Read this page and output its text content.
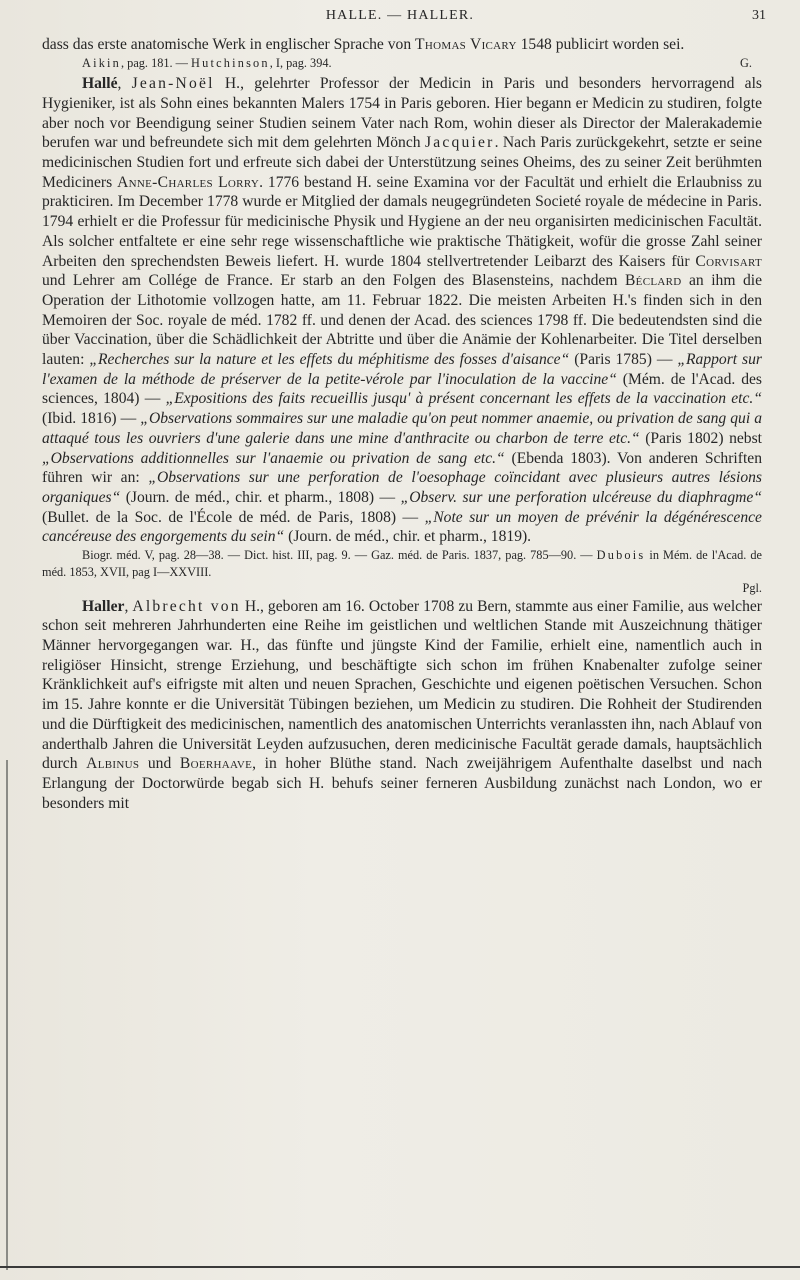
HALLE. — HALLER.	31

dass das erste anatomische Werk in englischer Sprache von Thomas Vicary 1548 publicirt worden sei.

Aikin, pag. 181. — Hutchinson, I, pag. 394.	G.

Hallé, Jean-Noël H., gelehrter Professor der Medicin in Paris und besonders hervorragend als Hygieniker, ist als Sohn eines bekannten Malers 1754 in Paris geboren. Hier begann er Medicin zu studiren, folgte aber noch vor Beendigung seiner Studien seinem Vater nach Rom, wohin dieser als Director der Malerakademie berufen war und befreundete sich mit dem gelehrten Mönch Jacquier. Nach Paris zurückgekehrt, setzte er seine medicinischen Studien fort und erfreute sich dabei der Unterstützung seines Oheims, des zu seiner Zeit berühmten Mediciners Anne-Charles Lorry. 1776 bestand H. seine Examina vor der Facultät und erhielt die Erlaubniss zu prakticiren. Im December 1778 wurde er Mitglied der damals neugegründeten Societé royale de médecine in Paris. 1794 erhielt er die Professur für medicinische Physik und Hygiene an der neu organisirten medicinischen Facultät. Als solcher entfaltete er eine sehr rege wissenschaftliche wie praktische Thätigkeit, wofür die grosse Zahl seiner Arbeiten den sprechendsten Beweis liefert. H. wurde 1804 stellvertretender Leibarzt des Kaisers für Corvisart und Lehrer am Collége de France. Er starb an den Folgen des Blasensteins, nachdem Béclard an ihm die Operation der Lithotomie vollzogen hatte, am 11. Februar 1822. Die meisten Arbeiten H.'s finden sich in den Memoiren der Soc. royale de méd. 1782 ff. und denen der Acad. des sciences 1798 ff. Die bedeutendsten sind die über Vaccination, über die Schädlichkeit der Abtritte und über die Anämie der Kohlenarbeiter. Die Titel derselben lauten: „Recherches sur la nature et les effets du méphitisme des fosses d'aisance“ (Paris 1785) — „Rapport sur l'examen de la méthode de préserver de la petite-vérole par l'inoculation de la vaccine“ (Mém. de l'Acad. des sciences, 1804) — „Expositions des faits recueillis jusqu' à présent concernant les effets de la vaccination etc.“ (Ibid. 1816) — „Observations sommaires sur une maladie qu'on peut nommer anaemie, ou privation de sang qui a attaqué tous les ouvriers d'une galerie dans une mine d'anthracite ou charbon de terre etc.“ (Paris 1802) nebst „Observations additionnelles sur l'anaemie ou privation de sang etc.“ (Ebenda 1803). Von anderen Schriften führen wir an: „Observations sur une perforation de l'oesophage coïncidant avec plusieurs autres lésions organiques“ (Journ. de méd., chir. et pharm., 1808) — „Observ. sur une perforation ulcéreuse du diaphragme“ (Bullet. de la Soc. de l'École de méd. de Paris, 1808) — „Note sur un moyen de prévénir la dégénérescence cancéreuse des engorgements du sein“ (Journ. de méd., chir. et pharm., 1819).

Biogr. méd. V, pag. 28—38. — Dict. hist. III, pag. 9. — Gaz. méd. de Paris. 1837, pag. 785—90. — Dubois in Mém. de l'Acad. de méd. 1853, XVII, pag I—XXVIII.

Pgl.

Haller, Albrecht von H., geboren am 16. October 1708 zu Bern, stammte aus einer Familie, aus welcher schon seit mehreren Jahrhunderten eine Reihe im geistlichen und weltlichen Stande mit Auszeichnung thätiger Männer hervorgegangen war. H., das fünfte und jüngste Kind der Familie, erhielt eine, namentlich auch in religiöser Hinsicht, strenge Erziehung, und beschäftigte sich schon im frühen Knabenalter zufolge seiner Kränklichkeit auf's eifrigste mit alten und neuen Sprachen, Geschichte und eigenen poëtischen Versuchen. Schon im 15. Jahre konnte er die Universität Tübingen beziehen, um Medicin zu studiren. Die Rohheit der Studirenden und die Dürftigkeit des medicinischen, namentlich des anatomischen Unterrichts veranlassten ihn, nach Ablauf von anderthalb Jahren die Universität Leyden aufzusuchen, deren medicinische Facultät gerade damals, hauptsächlich durch Albinus und Boerhaave, in hoher Blüthe stand. Nach zweijährigem Aufenthalte daselbst und nach Erlangung der Doctorwürde begab sich H. behufs seiner ferneren Ausbildung zunächst nach London, wo er besonders mit
